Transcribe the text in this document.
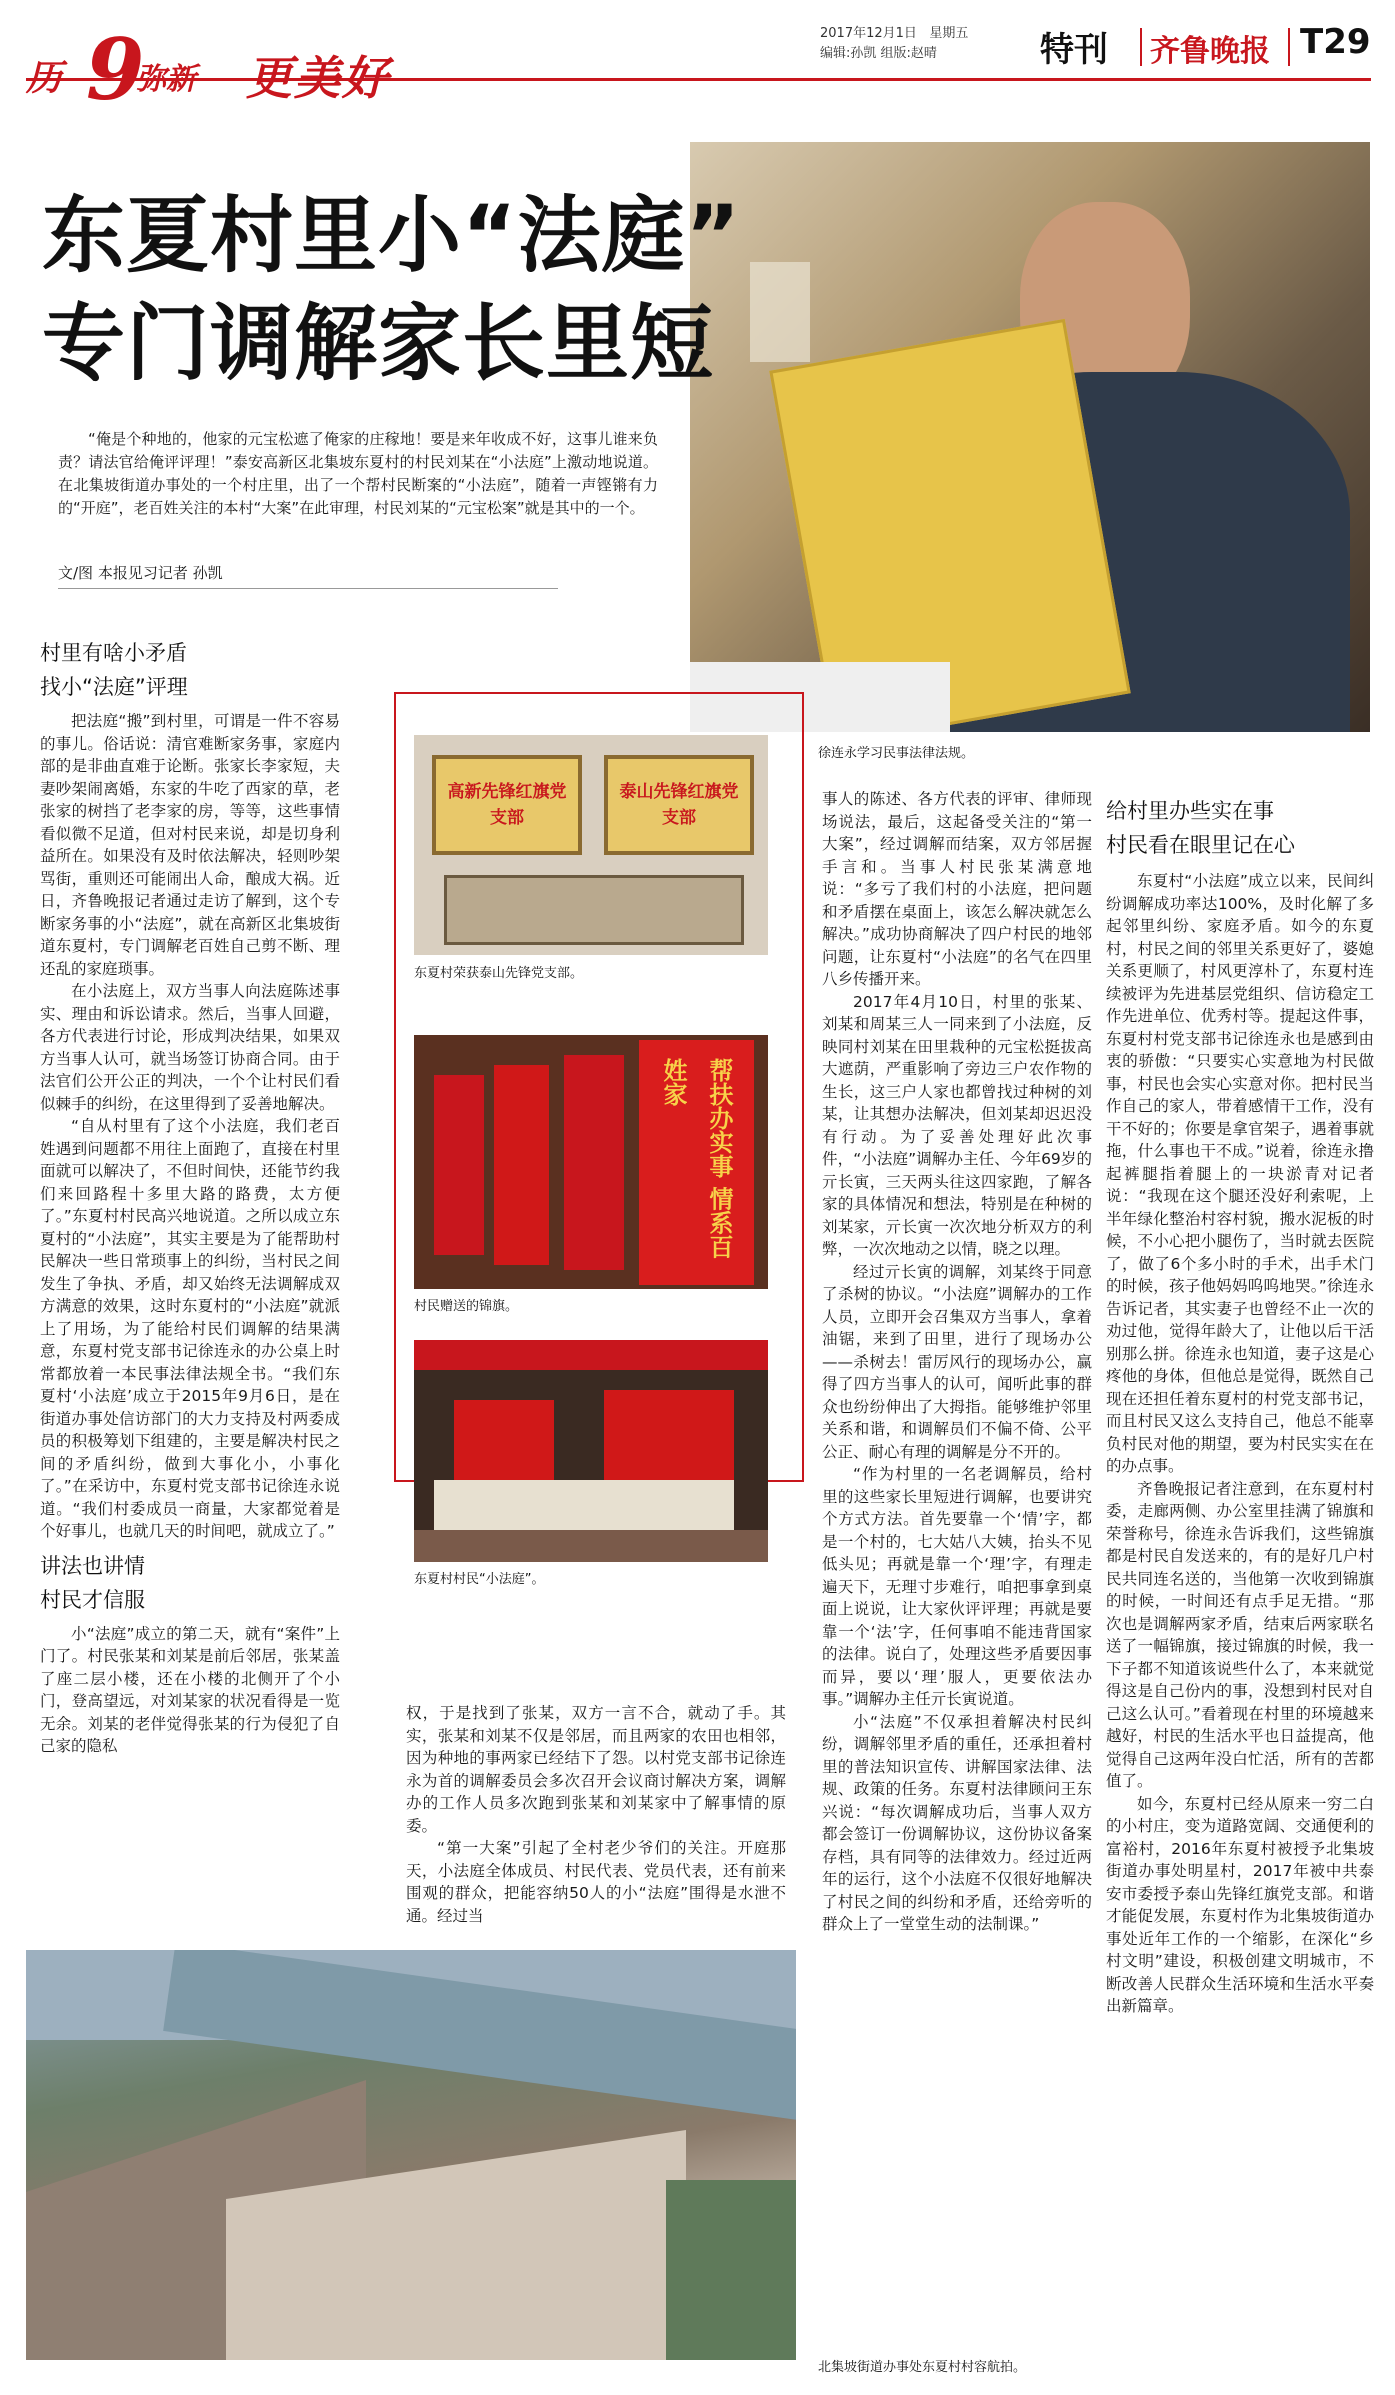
历 9
弥新 更美好
2017年12月1日 星期五
编辑:孙凯 组版:赵晴	特刊 齐鲁晚报 T29
徐连永学习民事法律法规。
东夏村里小“法庭”
专门调解家长里短
“俺是个种地的，他家的元宝松遮了俺家的庄稼地！要是来年收成不好，这事儿谁来负责？请法官给俺评评理！”泰安高新区北集坡东夏村的村民刘某在“小法庭”上激动地说道。在北集坡街道办事处的一个村庄里，出了一个帮村民断案的“小法庭”，随着一声铿锵有力的“开庭”，老百姓关注的本村“大案”在此审理，村民刘某的“元宝松案”就是其中的一个。
文/图 本报见习记者 孙凯
村里有啥小矛盾
找小“法庭”评理

把法庭“搬”到村里，可谓是一件不容易的事儿。俗话说：清官难断家务事，家庭内部的是非曲直难于论断。张家长李家短，夫妻吵架闹离婚，东家的牛吃了西家的草，老张家的树挡了老李家的房，等等，这些事情看似微不足道，但对村民来说，却是切身利益所在。如果没有及时依法解决，轻则吵架骂街，重则还可能闹出人命，酿成大祸。近日，齐鲁晚报记者通过走访了解到，这个专断家务事的小“法庭”，就在高新区北集坡街道东夏村，专门调解老百姓自己剪不断、理还乱的家庭琐事。

在小法庭上，双方当事人向法庭陈述事实、理由和诉讼请求。然后，当事人回避，各方代表进行讨论，形成判决结果，如果双方当事人认可，就当场签订协商合同。由于法官们公开公正的判决，一个个让村民们看似棘手的纠纷，在这里得到了妥善地解决。

“自从村里有了这个小法庭，我们老百姓遇到问题都不用往上面跑了，直接在村里面就可以解决了，不但时间快，还能节约我们来回路程十多里大路的路费，太方便了。”东夏村村民高兴地说道。之所以成立东夏村的“小法庭”，其实主要是为了能帮助村民解决一些日常琐事上的纠纷，当村民之间发生了争执、矛盾，却又始终无法调解成双方满意的效果，这时东夏村的“小法庭”就派上了用场，为了能给村民们调解的结果满意，东夏村党支部书记徐连永的办公桌上时常都放着一本民事法律法规全书。“我们东夏村‘小法庭’成立于2015年9月6日，是在街道办事处信访部门的大力支持及村两委成员的积极筹划下组建的，主要是解决村民之间的矛盾纠纷，做到大事化小，小事化了。”在采访中，东夏村党支部书记徐连永说道。“我们村委成员一商量，大家都觉着是个好事儿，也就几天的时间吧，就成立了。”

讲法也讲情
村民才信服

小“法庭”成立的第二天，就有“案件”上门了。村民张某和刘某是前后邻居，张某盖了座二层小楼，还在小楼的北侧开了个小门，登高望远，对刘某家的状况看得是一览无余。刘某的老伴觉得张某的行为侵犯了自己家的隐私

高新先锋红旗党支部
泰山先锋红旗党支部
东夏村荣获泰山先锋党支部。
帮扶办实事 情系百姓家
村民赠送的锦旗。
东夏村村民“小法庭”。

权，于是找到了张某，双方一言不合，就动了手。其实，张某和刘某不仅是邻居，而且两家的农田也相邻，因为种地的事两家已经结下了怨。以村党支部书记徐连永为首的调解委员会多次召开会议商讨解决方案，调解办的工作人员多次跑到张某和刘某家中了解事情的原委。

“第一大案”引起了全村老少爷们的关注。开庭那天，小法庭全体成员、村民代表、党员代表，还有前来围观的群众，把能容纳50人的小“法庭”围得是水泄不通。经过当

事人的陈述、各方代表的评审、律师现场说法，最后，这起备受关注的“第一大案”，经过调解而结案，双方邻居握手言和。当事人村民张某满意地说：“多亏了我们村的小法庭，把问题和矛盾摆在桌面上，该怎么解决就怎么解决。”成功协商解决了四户村民的地邻问题，让东夏村“小法庭”的名气在四里八乡传播开来。

2017年4月10日，村里的张某、刘某和周某三人一同来到了小法庭，反映同村刘某在田里栽种的元宝松挺拔高大遮荫，严重影响了旁边三户农作物的生长，这三户人家也都曾找过种树的刘某，让其想办法解决，但刘某却迟迟没有行动。为了妥善处理好此次事件，“小法庭”调解办主任、今年69岁的亓长寅，三天两头往这四家跑，了解各家的具体情况和想法，特别是在种树的刘某家，亓长寅一次次地分析双方的利弊，一次次地动之以情，晓之以理。

经过亓长寅的调解，刘某终于同意了杀树的协议。“小法庭”调解办的工作人员，立即开会召集双方当事人，拿着油锯，来到了田里，进行了现场办公——杀树去！雷厉风行的现场办公，赢得了四方当事人的认可，闻听此事的群众也纷纷伸出了大拇指。能够维护邻里关系和谐，和调解员们不偏不倚、公平公正、耐心有理的调解是分不开的。

“作为村里的一名老调解员，给村里的这些家长里短进行调解，也要讲究个方式方法。首先要靠一个‘情’字，都是一个村的，七大姑八大姨，抬头不见低头见；再就是靠一个‘理’字，有理走遍天下，无理寸步难行，咱把事拿到桌面上说说，让大家伙评评理；再就是要靠一个‘法’字，任何事咱不能违背国家的法律。说白了，处理这些矛盾要因事而异，要以‘理’服人，更要依法办事。”调解办主任亓长寅说道。

小“法庭”不仅承担着解决村民纠纷，调解邻里矛盾的重任，还承担着村里的普法知识宣传、讲解国家法律、法规、政策的任务。东夏村法律顾问王东兴说：“每次调解成功后，当事人双方都会签订一份调解协议，这份协议备案存档，具有同等的法律效力。经过近两年的运行，这个小法庭不仅很好地解决了村民之间的纠纷和矛盾，还给旁听的群众上了一堂堂生动的法制课。”

给村里办些实在事
村民看在眼里记在心

东夏村“小法庭”成立以来，民间纠纷调解成功率达100%，及时化解了多起邻里纠纷、家庭矛盾。如今的东夏村，村民之间的邻里关系更好了，婆媳关系更顺了，村风更淳朴了，东夏村连续被评为先进基层党组织、信访稳定工作先进单位、优秀村等。提起这件事，东夏村村党支部书记徐连永也是感到由衷的骄傲：“只要实心实意地为村民做事，村民也会实心实意对你。把村民当作自己的家人，带着感情干工作，没有干不好的；你要是拿官架子，遇着事就拖，什么事也干不成。”说着，徐连永撸起裤腿指着腿上的一块淤青对记者说：“我现在这个腿还没好利索呢，上半年绿化整治村容村貌，搬水泥板的时候，不小心把小腿伤了，当时就去医院了，做了6个多小时的手术，出手术门的时候，孩子他妈妈呜呜地哭。”徐连永告诉记者，其实妻子也曾经不止一次的劝过他，觉得年龄大了，让他以后干活别那么拼。徐连永也知道，妻子这是心疼他的身体，但他总是觉得，既然自己现在还担任着东夏村的村党支部书记，而且村民又这么支持自己，他总不能辜负村民对他的期望，要为村民实实在在的办点事。

齐鲁晚报记者注意到，在东夏村村委，走廊两侧、办公室里挂满了锦旗和荣誉称号，徐连永告诉我们，这些锦旗都是村民自发送来的，有的是好几户村民共同连名送的，当他第一次收到锦旗的时候，一时间还有点手足无措。“那次也是调解两家矛盾，结束后两家联名送了一幅锦旗，接过锦旗的时候，我一下子都不知道该说些什么了，本来就觉得这是自己份内的事，没想到村民对自己这么认可。”看着现在村里的环境越来越好，村民的生活水平也日益提高，他觉得自己这两年没白忙活，所有的苦都值了。

如今，东夏村已经从原来一穷二白的小村庄，变为道路宽阔、交通便利的富裕村，2016年东夏村被授予北集坡街道办事处明星村，2017年被中共泰安市委授予泰山先锋红旗党支部。和谐才能促发展，东夏村作为北集坡街道办事处近年工作的一个缩影，在深化“乡村文明”建设，积极创建文明城市，不断改善人民群众生活环境和生活水平奏出新篇章。

北集坡街道办事处东夏村村容航拍。
